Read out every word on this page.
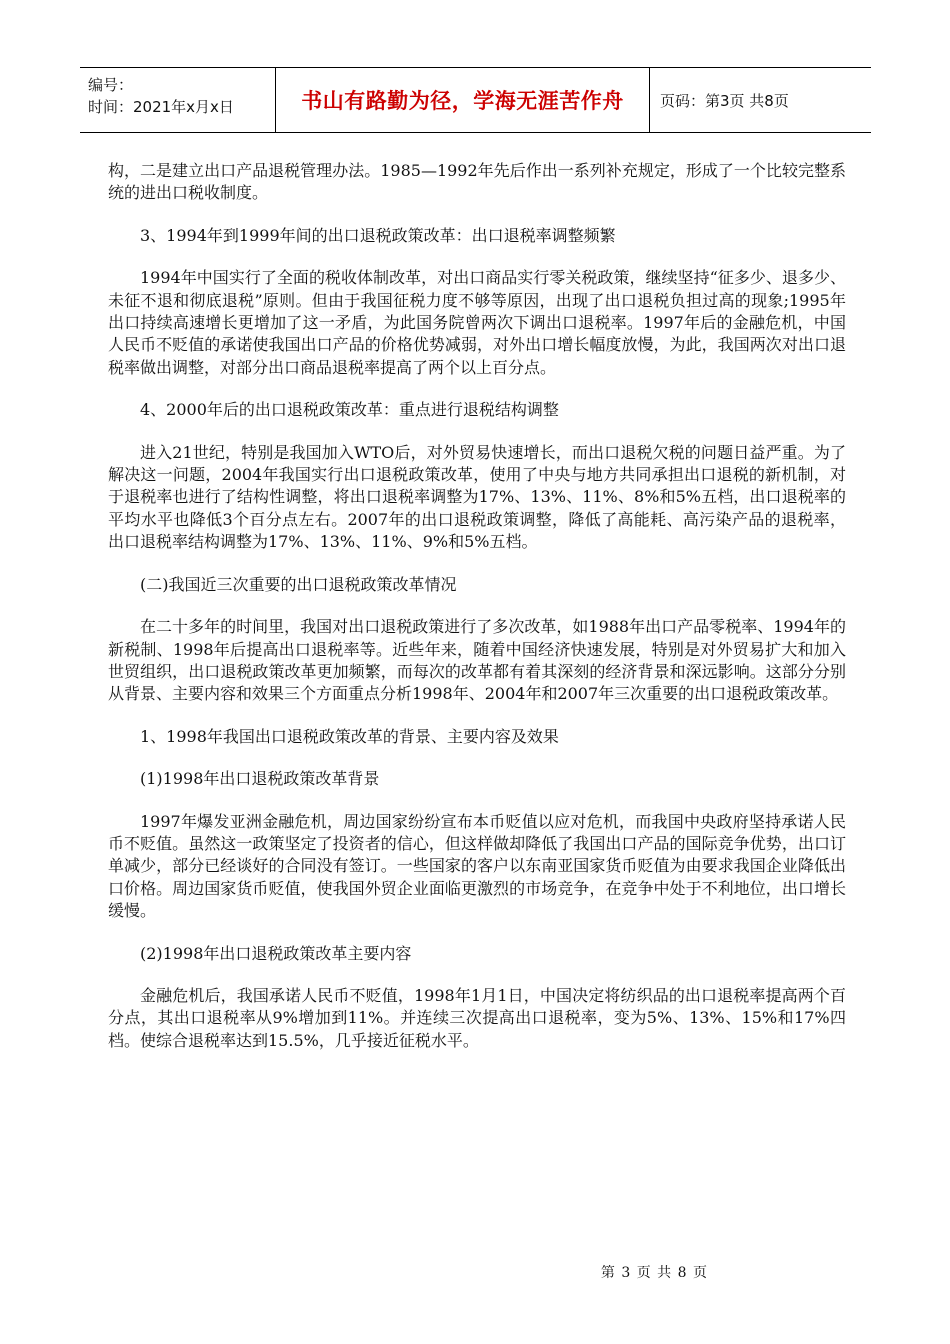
编号：
时间：2021年x月x日	书山有路勤为径，学海无涯苦作舟	页码：第3页 共8页

构，二是建立出口产品退税管理办法。1985—1992年先后作出一系列补充规定，形成了一个比较完整系统的进出口税收制度。

3、1994年到1999年间的出口退税政策改革：出口退税率调整频繁

1994年中国实行了全面的税收体制改革，对出口商品实行零关税政策，继续坚持“征多少、退多少、未征不退和彻底退税”原则。但由于我国征税力度不够等原因，出现了出口退税负担过高的现象;1995年出口持续高速增长更增加了这一矛盾，为此国务院曾两次下调出口退税率。1997年后的金融危机，中国人民币不贬值的承诺使我国出口产品的价格优势减弱，对外出口增长幅度放慢，为此，我国两次对出口退税率做出调整，对部分出口商品退税率提高了两个以上百分点。

4、2000年后的出口退税政策改革：重点进行退税结构调整

进入21世纪，特别是我国加入WTO后，对外贸易快速增长，而出口退税欠税的问题日益严重。为了解决这一问题，2004年我国实行出口退税政策改革，使用了中央与地方共同承担出口退税的新机制，对于退税率也进行了结构性调整，将出口退税率调整为17%、13%、11%、8%和5%五档，出口退税率的平均水平也降低3个百分点左右。2007年的出口退税政策调整，降低了高能耗、高污染产品的退税率，出口退税率结构调整为17%、13%、11%、9%和5%五档。

(二)我国近三次重要的出口退税政策改革情况

在二十多年的时间里，我国对出口退税政策进行了多次改革，如1988年出口产品零税率、1994年的新税制、1998年后提高出口退税率等。近些年来，随着中国经济快速发展，特别是对外贸易扩大和加入世贸组织，出口退税政策改革更加频繁，而每次的改革都有着其深刻的经济背景和深远影响。这部分分别从背景、主要内容和效果三个方面重点分析1998年、2004年和2007年三次重要的出口退税政策改革。

1、1998年我国出口退税政策改革的背景、主要内容及效果

(1)1998年出口退税政策改革背景

1997年爆发亚洲金融危机，周边国家纷纷宣布本币贬值以应对危机，而我国中央政府坚持承诺人民币不贬值。虽然这一政策坚定了投资者的信心，但这样做却降低了我国出口产品的国际竞争优势，出口订单减少，部分已经谈好的合同没有签订。一些国家的客户以东南亚国家货币贬值为由要求我国企业降低出口价格。周边国家货币贬值，使我国外贸企业面临更激烈的市场竞争，在竞争中处于不利地位，出口增长缓慢。

(2)1998年出口退税政策改革主要内容

金融危机后，我国承诺人民币不贬值，1998年1月1日，中国决定将纺织品的出口退税率提高两个百分点，其出口退税率从9%增加到11%。并连续三次提高出口退税率，变为5%、13%、15%和17%四档。使综合退税率达到15.5%，几乎接近征税水平。

第 3 页 共 8 页
